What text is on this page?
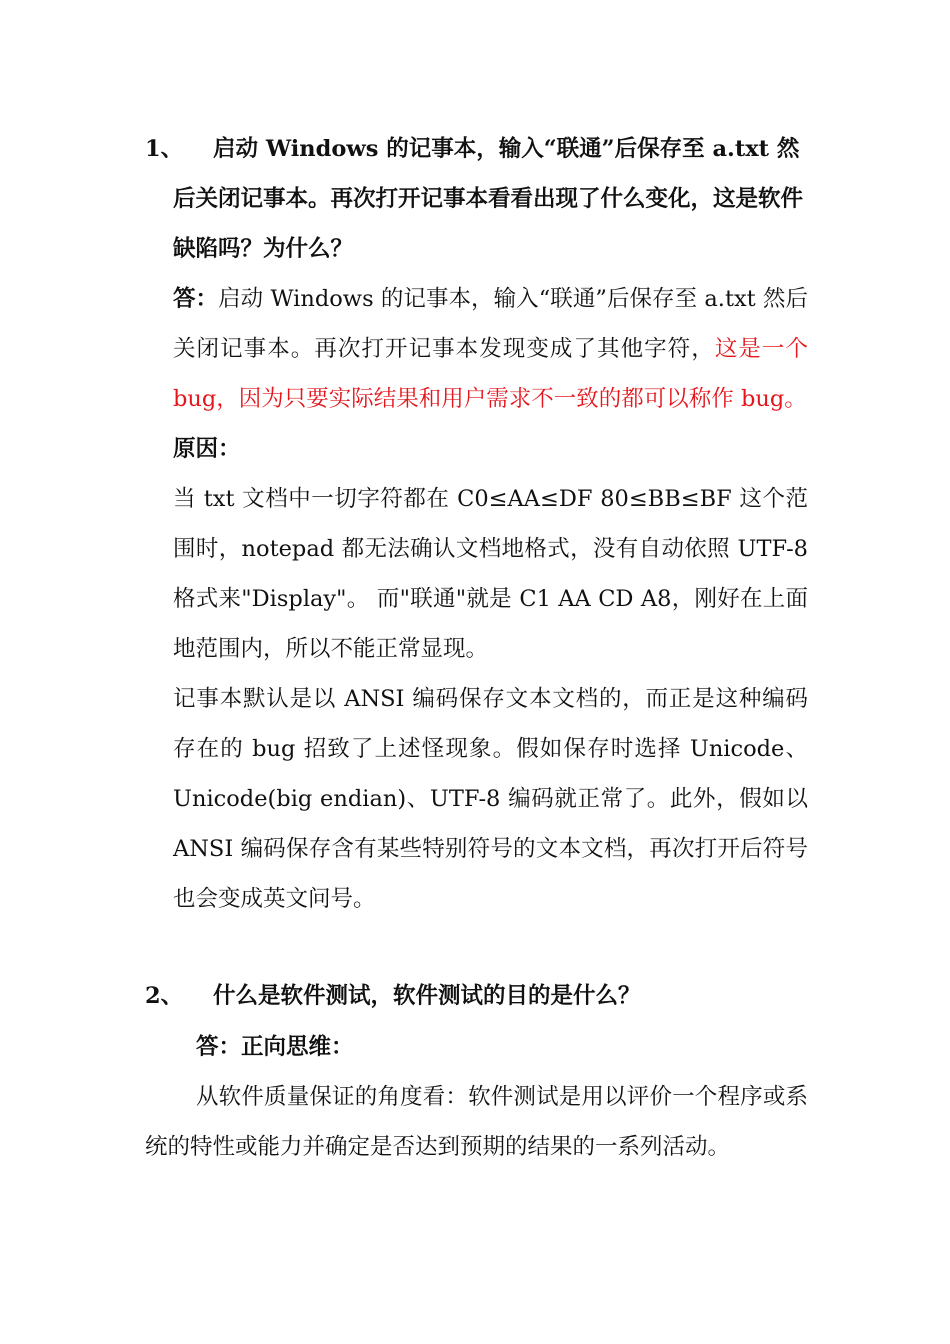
1、	启动 Windows 的记事本，输入“联通”后保存至 a.txt 然后关闭记事本。再次打开记事本看看出现了什么变化，这是软件缺陷吗？为什么？

答：启动 Windows 的记事本，输入“联通”后保存至 a.txt 然后关闭记事本。再次打开记事本发现变成了其他字符，这是一个 bug，因为只要实际结果和用户需求不一致的都可以称作 bug。

原因：

当 txt 文档中一切字符都在 C0≤AA≤DF 80≤BB≤BF 这个范围时，notepad 都无法确认文档地格式，没有自动依照 UTF-8 格式来"Display"。 而"联通"就是 C1 AA CD A8，刚好在上面地范围内，所以不能正常显现。

记事本默认是以 ANSI 编码保存文本文档的，而正是这种编码存在的 bug 招致了上述怪现象。假如保存时选择 Unicode、Unicode(big endian)、UTF-8 编码就正常了。此外，假如以 ANSI 编码保存含有某些特别符号的文本文档，再次打开后符号也会变成英文问号。

2、	什么是软件测试，软件测试的目的是什么？
答：正向思维：
从软件质量保证的角度看：软件测试是用以评价一个程序或系统的特性或能力并确定是否达到预期的结果的一系列活动。
